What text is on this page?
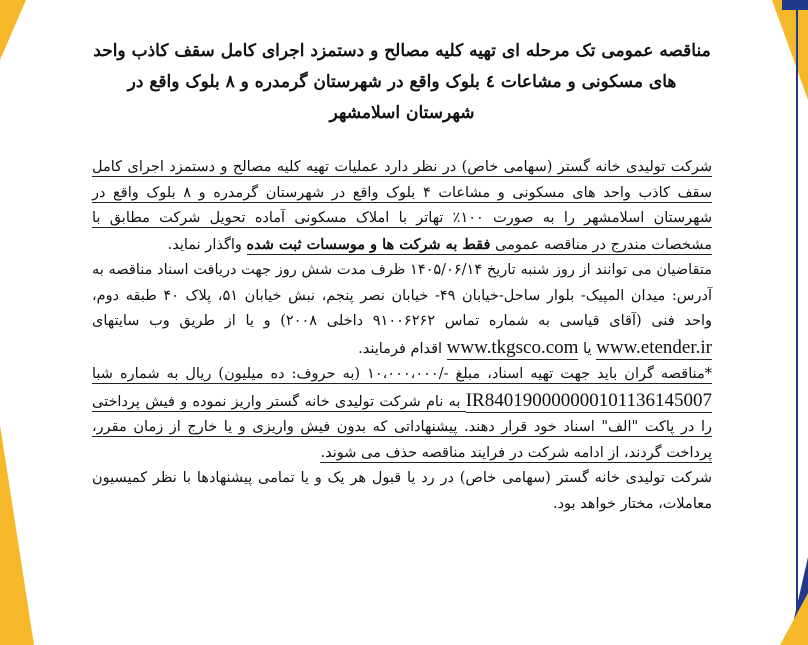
مناقصه عمومی تک مرحله ای تهیه کلیه مصالح و دستمزد اجرای کامل سقف کاذب واحد های مسکونی و مشاعات ٤ بلوک واقع در شهرستان گرمدره و ٨ بلوک واقع در شهرستان اسلامشهر

شرکت تولیدی خانه گستر (سهامی خاص) در نظر دارد عملیات تهیه کلیه مصالح و دستمزد اجرای کامل سقف کاذب واحد های مسکونی و مشاعات ۴ بلوک واقع در شهرستان گرمدره و ۸ بلوک واقع در شهرستان اسلامشهر را به صورت ۱۰۰٪ تهاتر با املاک مسکونی آماده تحویل شرکت مطابق با مشخصات مندرج در مناقصه عمومی فقط به شرکت ها و موسسات ثبت شده واگذار نماید.

متقاضیان می توانند از روز شنبه تاریخ ۱۴۰۵/۰۶/۱۴ ظرف مدت شش روز جهت دریافت اسناد مناقصه به آدرس: میدان المپیک- بلوار ساحل-خیابان ۴۹- خیابان نصر پنجم، نبش خیابان ۵۱، پلاک ۴۰ طبقه دوم، واحد فنی (آقای قیاسی به شماره تماس ۹۱۰۰۶۲۶۲ داخلی ۲۰۰۸) و یا از طریق وب سایتهای www.etender.ir یا www.tkgsco.com اقدام فرمایند.

*مناقصه گران باید جهت تهیه اسناد، مبلغ -/۱۰،۰۰۰،۰۰۰ (به حروف: ده میلیون) ریال به شماره شبا IR840190000000101136145007 به نام شرکت تولیدی خانه گستر واریز نموده و فیش پرداختی را در پاکت "الف" اسناد خود قرار دهند. پیشنهاداتی که بدون فیش واریزی و یا خارج از زمان مقرر، پرداخت گردند، از ادامه شرکت در فرایند مناقصه حذف می شوند.

شرکت تولیدی خانه گستر (سهامی خاص) در رد یا قبول هر یک و یا تمامی پیشنهادها با نظر کمیسیون معاملات، مختار خواهد بود.
